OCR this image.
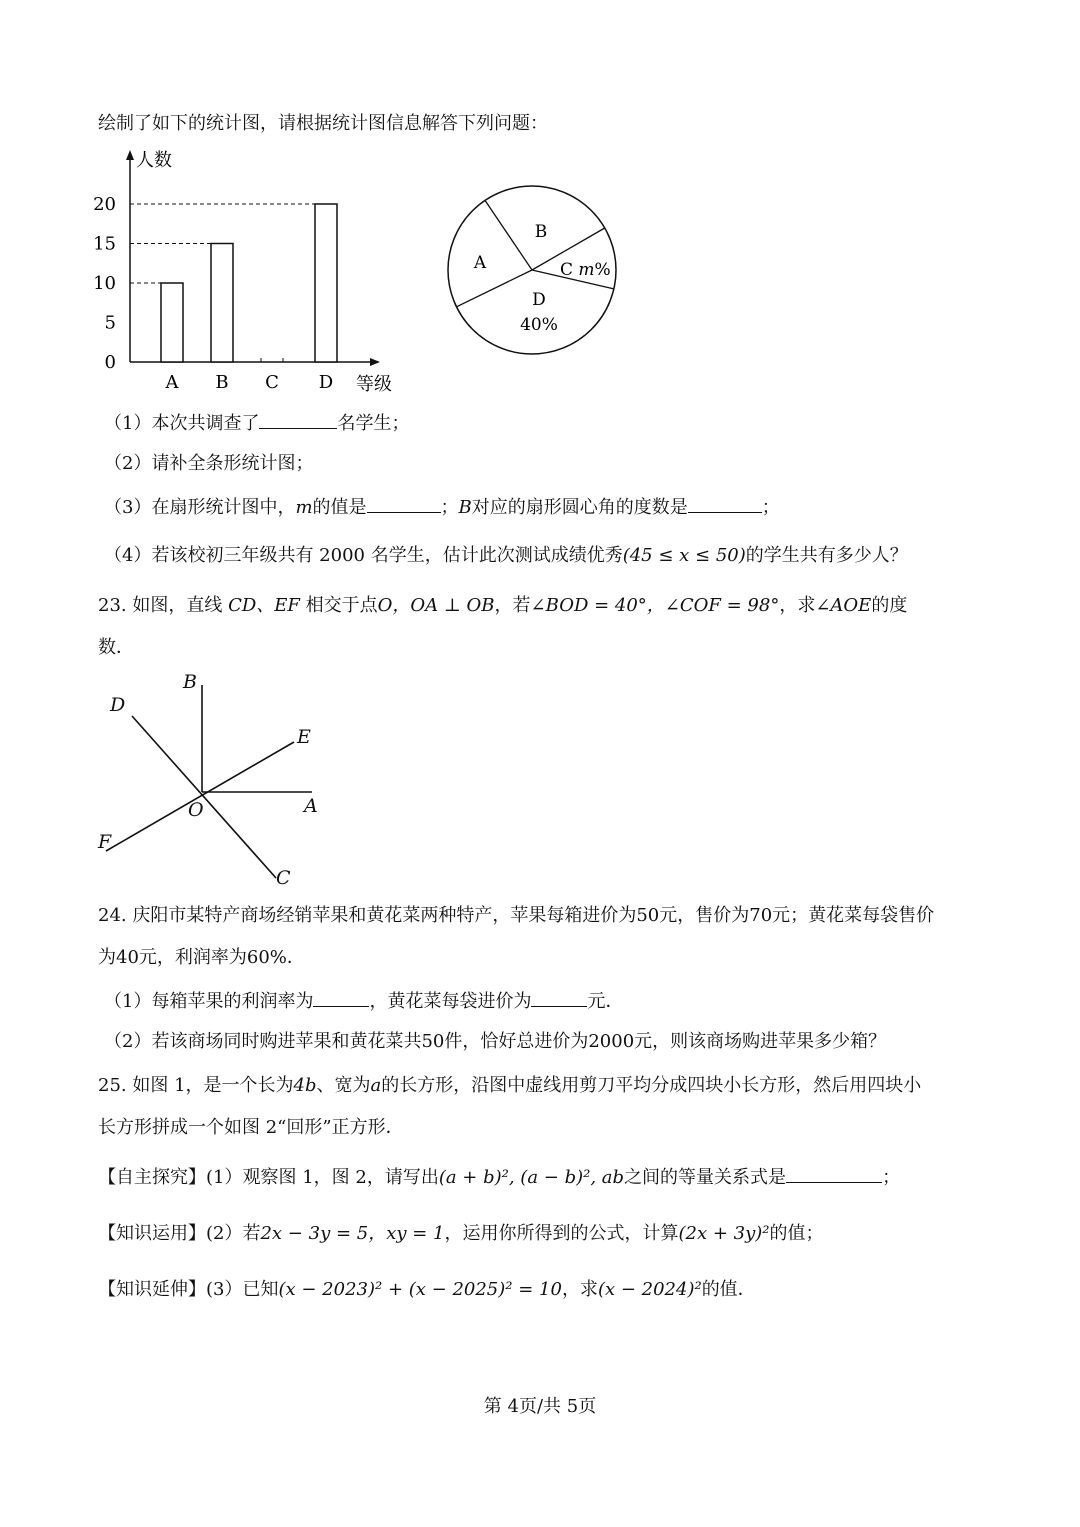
绘制了如下的统计图，请根据统计图信息解答下列问题：
人数
等级
0
5
10
15
20
A B C D
A
B
C m%
D
40%
（1）本次共调查了	名学生；
（2）请补全条形统计图；
（3）在扇形统计图中，m的值是	；B对应的扇形圆心角的度数是	；
（4）若该校初三年级共有 2000 名学生，估计此次测试成绩优秀(45 ≤ x ≤ 50)的学生共有多少人？
23. 如图，直线 CD、EF 相交于点O，OA ⊥ OB，若∠BOD = 40°，∠COF = 98°，求∠AOE的度
数．
B
D
E
O	A
F
C
24. 庆阳市某特产商场经销苹果和黄花菜两种特产，苹果每箱进价为50元，售价为70元；黄花菜每袋售价
为40元，利润率为60%．
（1）每箱苹果的利润率为	，黄花菜每袋进价为	元．
（2）若该商场同时购进苹果和黄花菜共50件，恰好总进价为2000元，则该商场购进苹果多少箱？
25. 如图 1，是一个长为4b、宽为a的长方形，沿图中虚线用剪刀平均分成四块小长方形，然后用四块小
长方形拼成一个如图 2“回形”正方形．
【自主探究】(1）观察图 1，图 2，请写出(a + b)², (a − b)², ab之间的等量关系式是	；
【知识运用】(2）若2x − 3y = 5，xy = 1，运用你所得到的公式，计算(2x + 3y)²的值；
【知识延伸】(3）已知(x − 2023)² + (x − 2025)² = 10，求(x − 2024)²的值．
第 4页/共 5页
